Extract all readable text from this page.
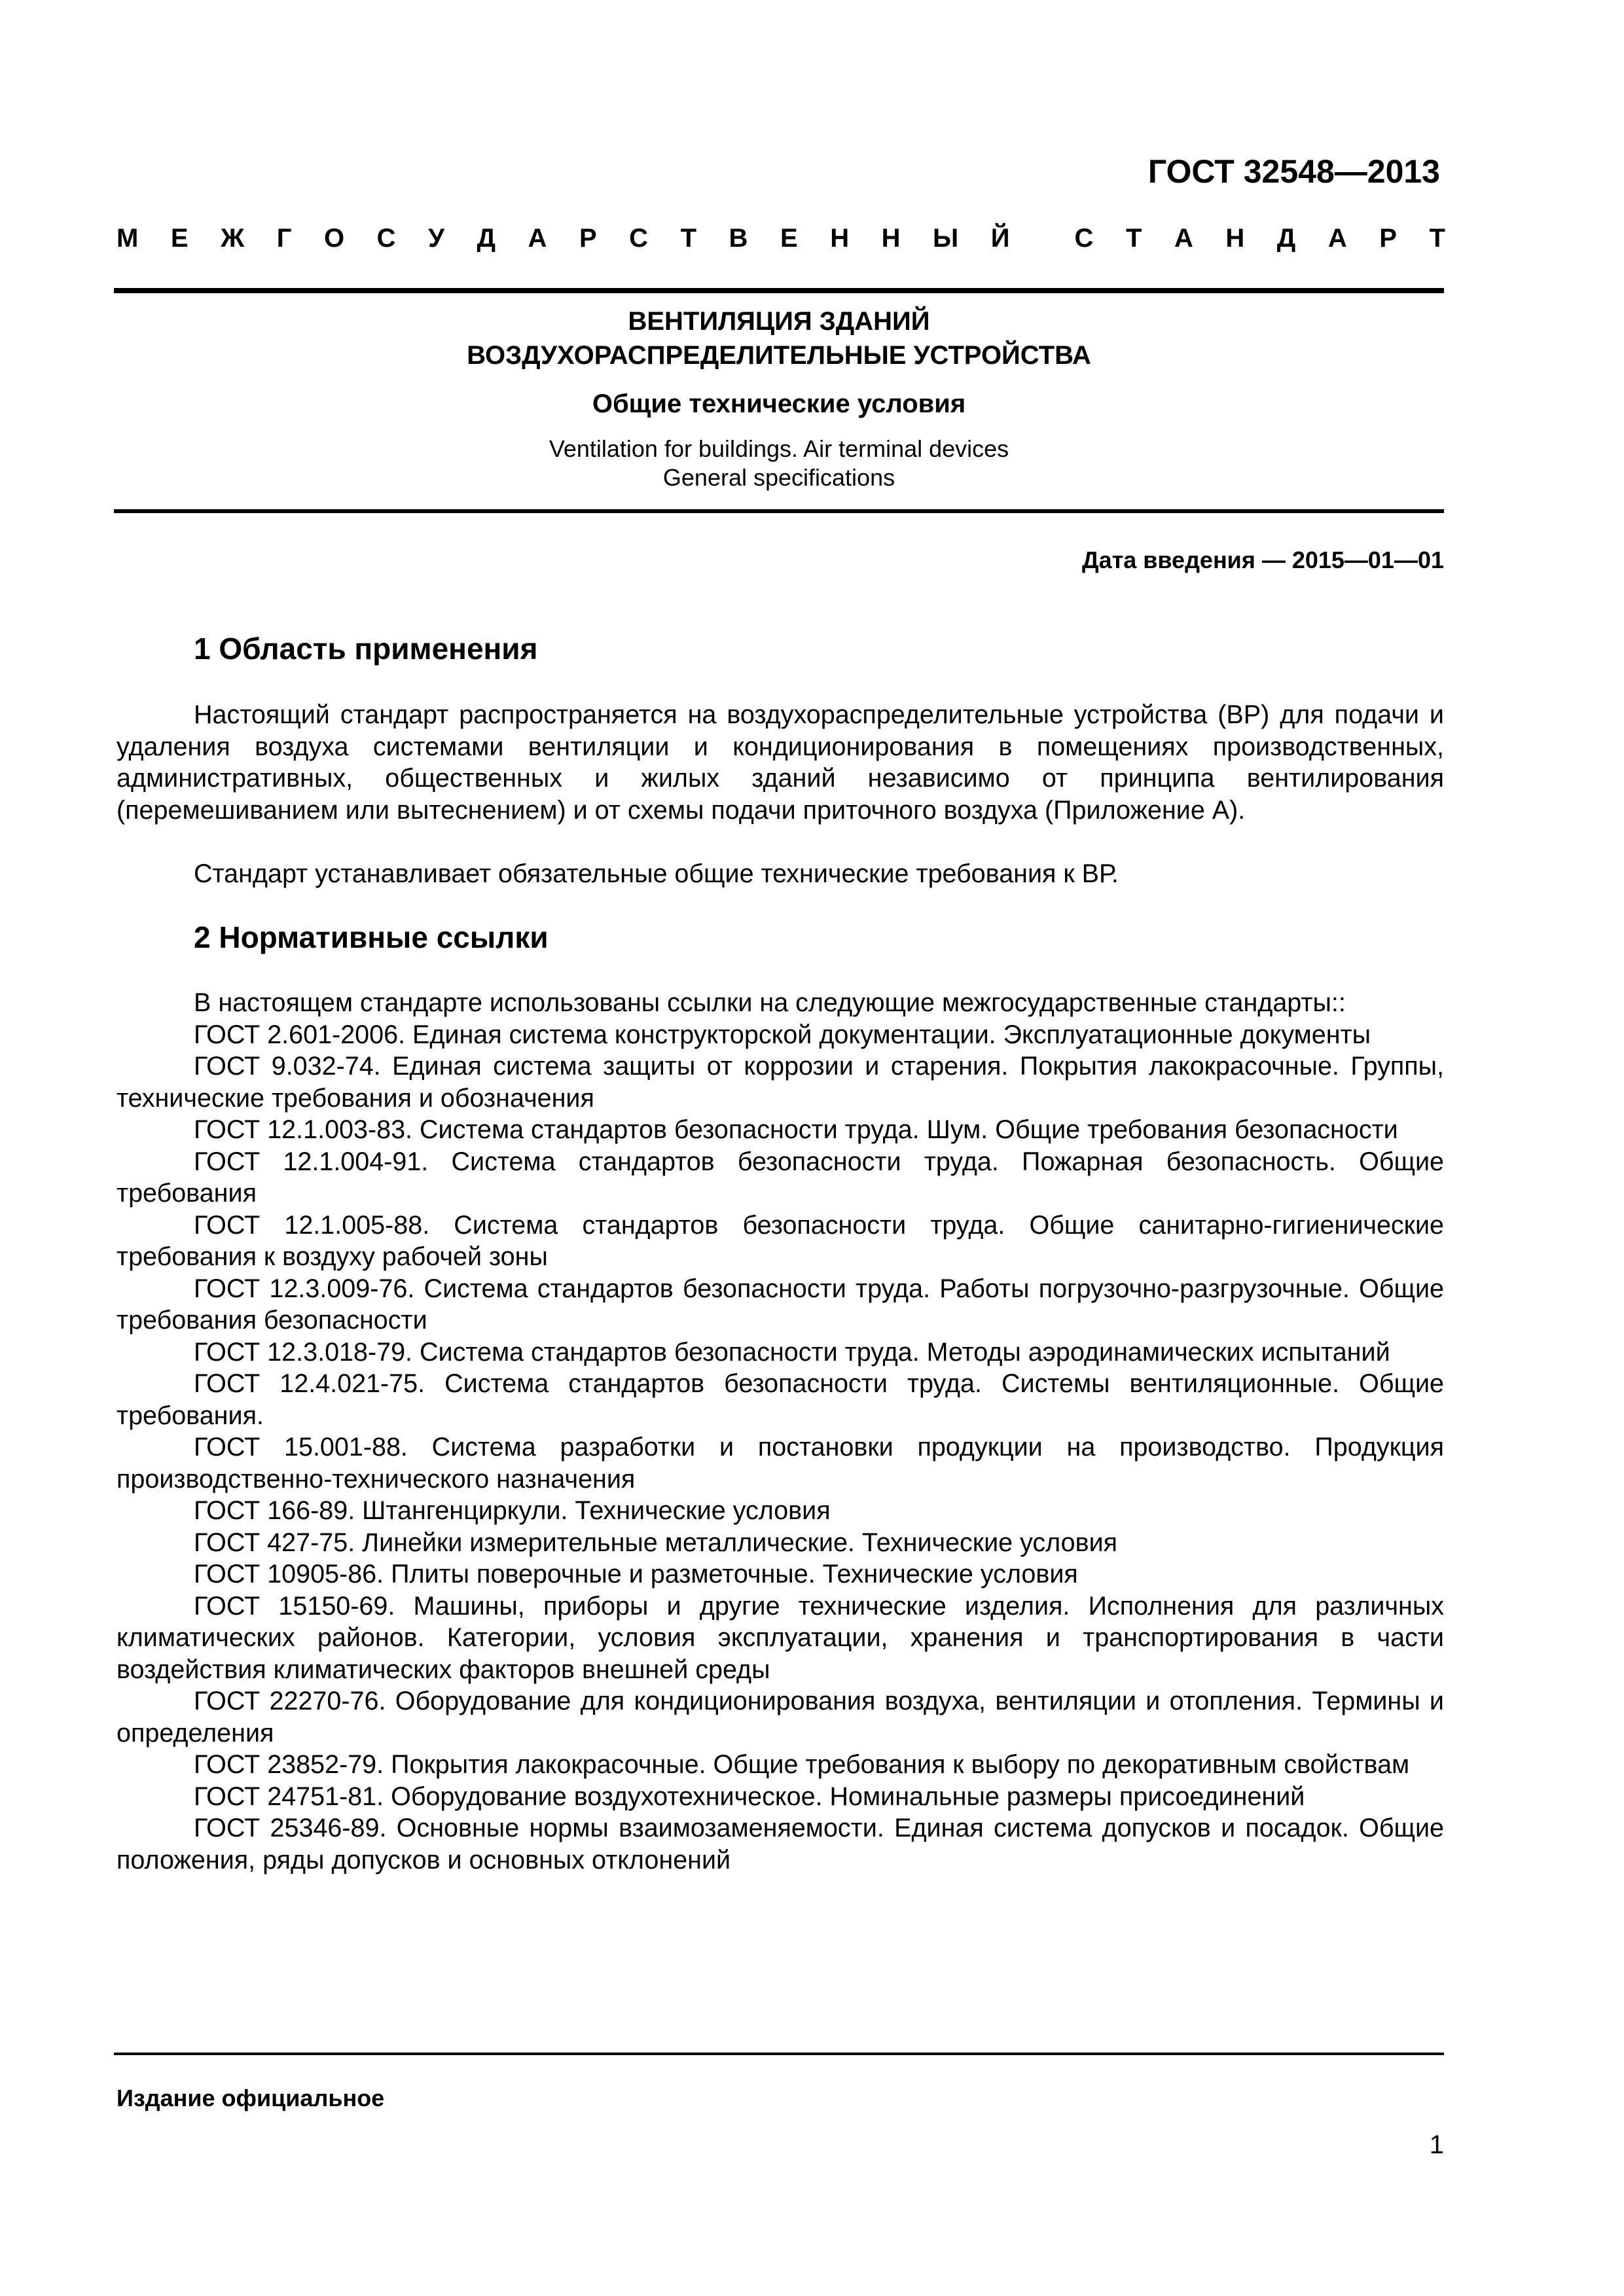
ГОСТ 32548—2013
М Е Ж Г О С У Д А Р С Т В Е Н Н Ы Й С Т А Н Д А Р Т
ВЕНТИЛЯЦИЯ ЗДАНИЙ
ВОЗДУХОРАСПРЕДЕЛИТЕЛЬНЫЕ УСТРОЙСТВА
Общие технические условия
Ventilation for buildings. Air terminal devices
General specifications
Дата введения — 2015—01—01
1 Область применения

Настоящий стандарт распространяется на воздухораспределительные устройства (ВР) для подачи и удаления воздуха системами вентиляции и кондиционирования в помещениях производственных, административных, общественных и жилых зданий независимо от принципа вентилирования (перемешиванием или вытеснением) и от схемы подачи приточного воздуха (Приложение А).

Стандарт устанавливает обязательные общие технические требования к ВР.

2 Нормативные ссылки

В настоящем стандарте использованы ссылки на следующие межгосударственные стандарты::

ГОСТ 2.601-2006. Единая система конструкторской документации. Эксплуатационные документы

ГОСТ 9.032-74. Единая система защиты от коррозии и старения. Покрытия лакокрасочные. Группы, технические требования и обозначения

ГОСТ 12.1.003-83. Система стандартов безопасности труда. Шум. Общие требования безопасности

ГОСТ 12.1.004-91. Система стандартов безопасности труда. Пожарная безопасность. Общие требования

ГОСТ 12.1.005-88. Система стандартов безопасности труда. Общие санитарно-гигиенические требования к воздуху рабочей зоны

ГОСТ 12.3.009-76. Система стандартов безопасности труда. Работы погрузочно-разгрузочные. Общие требования безопасности

ГОСТ 12.3.018-79. Система стандартов безопасности труда. Методы аэродинамических испытаний

ГОСТ 12.4.021-75. Система стандартов безопасности труда. Системы вентиляционные. Общие требования.

ГОСТ 15.001-88. Система разработки и постановки продукции на производство. Продукция производственно-технического назначения

ГОСТ 166-89. Штангенциркули. Технические условия

ГОСТ 427-75. Линейки измерительные металлические. Технические условия

ГОСТ 10905-86. Плиты поверочные и разметочные. Технические условия

ГОСТ 15150-69. Машины, приборы и другие технические изделия. Исполнения для различных климатических районов. Категории, условия эксплуатации, хранения и транспортирования в части воздействия климатических факторов внешней среды

ГОСТ 22270-76. Оборудование для кондиционирования воздуха, вентиляции и отопления. Термины и определения

ГОСТ 23852-79. Покрытия лакокрасочные. Общие требования к выбору по декоративным свойствам

ГОСТ 24751-81. Оборудование воздухотехническое. Номинальные размеры присоединений

ГОСТ 25346-89. Основные нормы взаимозаменяемости. Единая система допусков и посадок. Общие положения, ряды допусков и основных отклонений

Издание официальное
1
